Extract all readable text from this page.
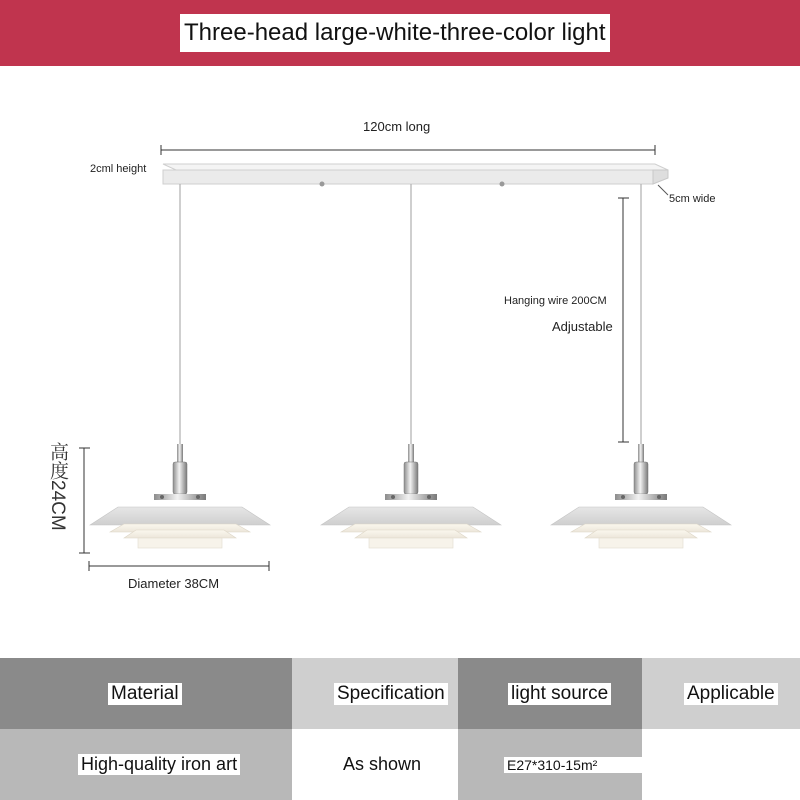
Three-head large-white-three-color light
120cm long
2cml height
5cm wide
Hanging wire 200CM
Adjustable
Diameter 38CM
高度24CM
Material	Specification	light source	Applicable
High-quality iron art	As shown	E27*310-15m²
